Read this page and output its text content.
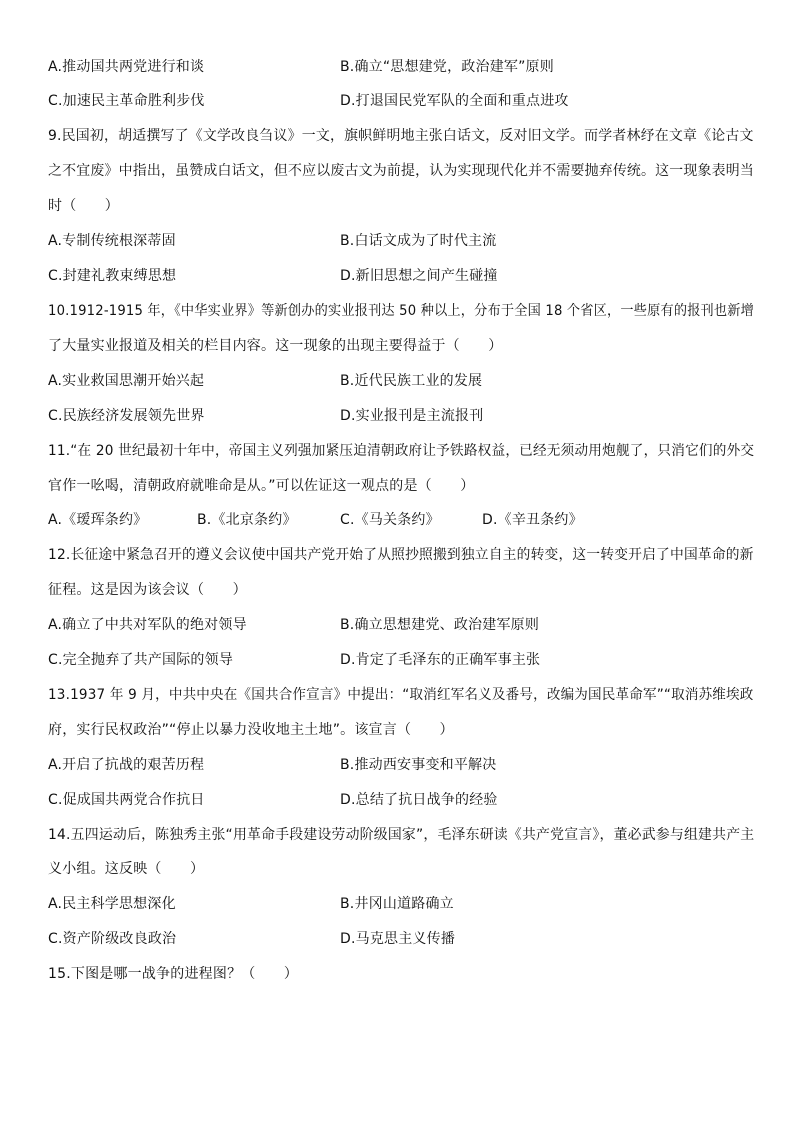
A.推动国共两党进行和谈	B.确立“思想建党，政治建军”原则
C.加速民主革命胜利步伐	D.打退国民党军队的全面和重点进攻
9.民国初，胡适撰写了《文学改良刍议》一文，旗帜鲜明地主张白话文，反对旧文学。而学者林纾在文章《论古文
之不宜废》中指出，虽赞成白话文，但不应以废古文为前提，认为实现现代化并不需要抛弃传统。这一现象表明当
时（　　）
A.专制传统根深蒂固	B.白话文成为了时代主流
C.封建礼教束缚思想	D.新旧思想之间产生碰撞
10.1912-1915 年，《中华实业界》等新创办的实业报刊达 50 种以上，分布于全国 18 个省区，一些原有的报刊也新增
了大量实业报道及相关的栏目内容。这一现象的出现主要得益于（　　）
A.实业救国思潮开始兴起	B.近代民族工业的发展
C.民族经济发展领先世界	D.实业报刊是主流报刊
11.“在 20 世纪最初十年中，帝国主义列强加紧压迫清朝政府让予铁路权益，已经无须动用炮舰了，只消它们的外交
官作一吆喝，清朝政府就唯命是从。”可以佐证这一观点的是（　　）
A.《瑷珲条约》	B.《北京条约》	C.《马关条约》	D.《辛丑条约》
12.长征途中紧急召开的遵义会议使中国共产党开始了从照抄照搬到独立自主的转变，这一转变开启了中国革命的新
征程。这是因为该会议（　　）
A.确立了中共对军队的绝对领导	B.确立思想建党、政治建军原则
C.完全抛弃了共产国际的领导	D.肯定了毛泽东的正确军事主张
13.1937 年 9 月，中共中央在《国共合作宣言》中提出：“取消红军名义及番号，改编为国民革命军”“取消苏维埃政
府，实行民权政治”“停止以暴力没收地主土地”。该宣言（　　）
A.开启了抗战的艰苦历程	B.推动西安事变和平解决
C.促成国共两党合作抗日	D.总结了抗日战争的经验
14.五四运动后，陈独秀主张“用革命手段建设劳动阶级国家”，毛泽东研读《共产党宣言》，董必武参与组建共产主
义小组。这反映（　　）
A.民主科学思想深化	B.井冈山道路确立
C.资产阶级改良政治	D.马克思主义传播
15.下图是哪一战争的进程图？（　　）
